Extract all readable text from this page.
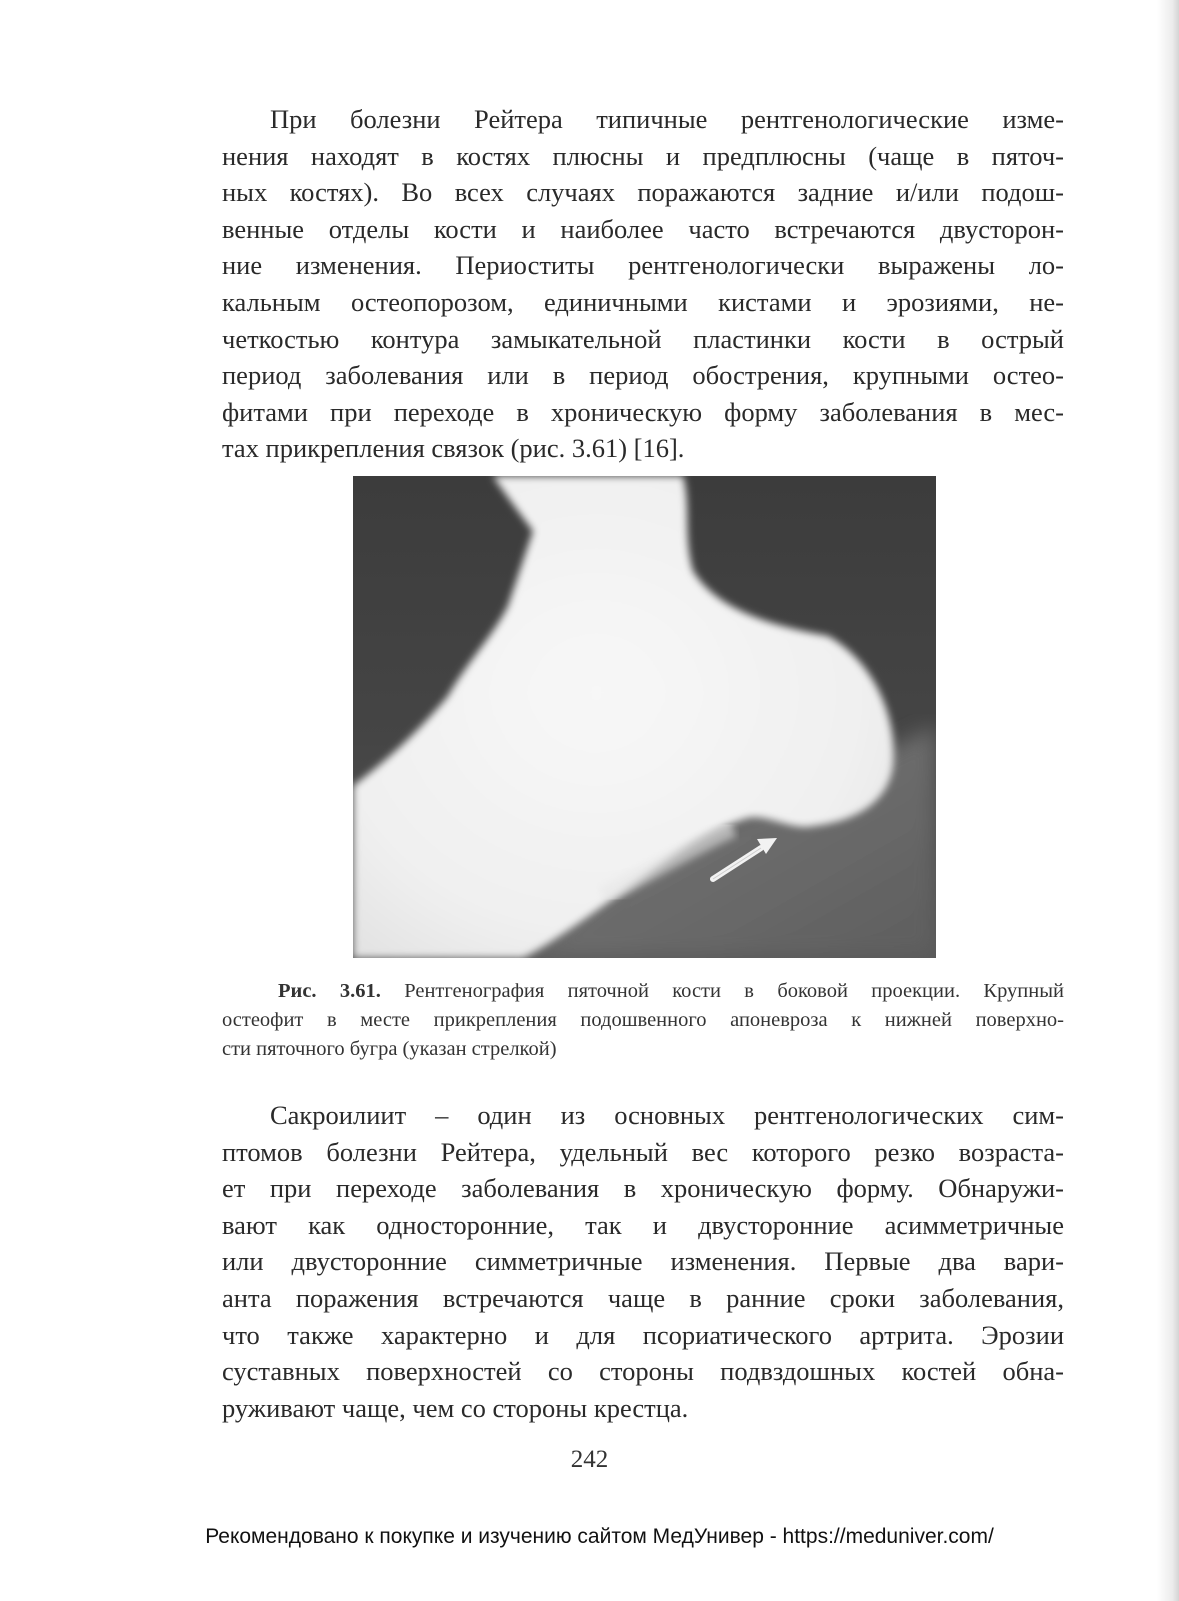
При болезни Рейтера типичные рентгенологические изме-
нения находят в костях плюсны и предплюсны (чаще в пяточ-
ных костях). Во всех случаях поражаются задние и/или подош-
венные отделы кости и наиболее часто встречаются двусторон-
ние изменения. Периоститы рентгенологически выражены ло-
кальным остеопорозом, единичными кистами и эрозиями, не-
четкостью контура замыкательной пластинки кости в острый
период заболевания или в период обострения, крупными остео-
фитами при переходе в хроническую форму заболевания в мес-
тах прикрепления связок (рис. 3.61) [16].
Рис. 3.61. Рентгенография пяточной кости в боковой проекции. Крупный
остеофит в месте прикрепления подошвенного апоневроза к нижней поверхно-
сти пяточного бугра (указан стрелкой)
Сакроилиит – один из основных рентгенологических сим-
птомов болезни Рейтера, удельный вес которого резко возраста-
ет при переходе заболевания в хроническую форму. Обнаружи-
вают как односторонние, так и двусторонние асимметричные
или двусторонние симметричные изменения. Первые два вари-
анта поражения встречаются чаще в ранние сроки заболевания,
что также характерно и для псориатического артрита. Эрозии
суставных поверхностей со стороны подвздошных костей обна-
руживают чаще, чем со стороны крестца.
242
Рекомендовано к покупке и изучению сайтом МедУнивер - https://meduniver.com/
